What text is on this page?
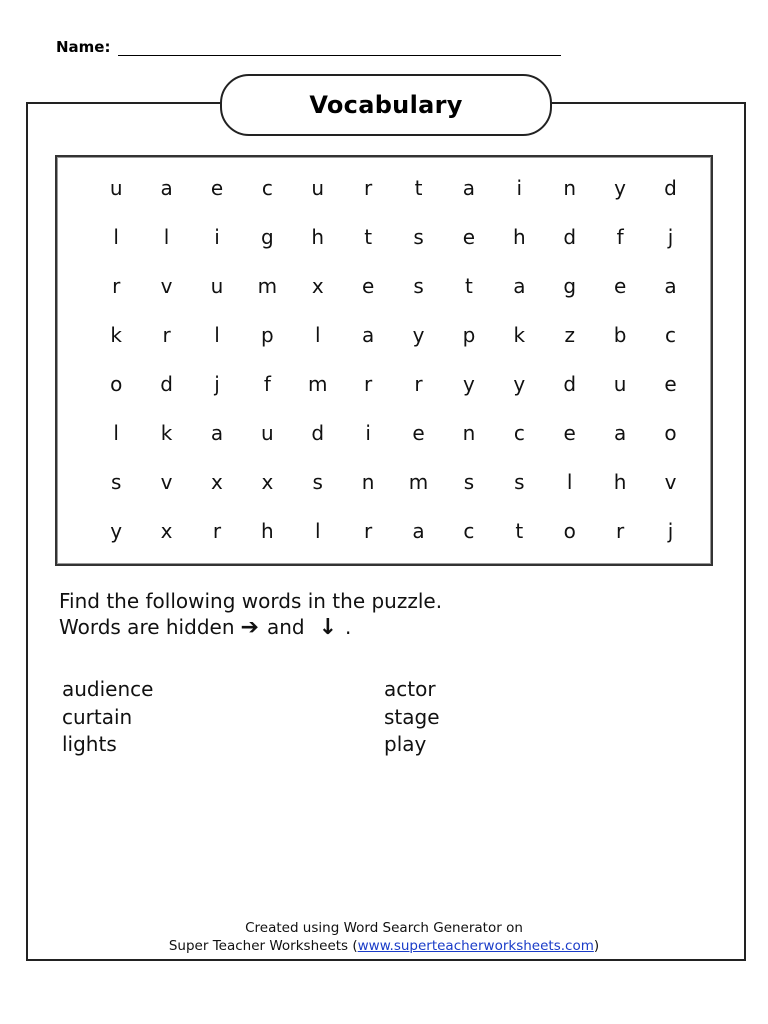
Name:
Vocabulary
u	a	e	c	u	r	t	a	i	n	y	d
l	l	i	g	h	t	s	e	h	d	f	j
r	v	u	m	x	e	s	t	a	g	e	a
k	r	l	p	l	a	y	p	k	z	b	c
o	d	j	f	m	r	r	y	y	d	u	e
l	k	a	u	d	i	e	n	c	e	a	o
s	v	x	x	s	n	m	s	s	l	h	v
y	x	r	h	l	r	a	c	t	o	r	j
Find the following words in the puzzle.
Words are hidden ➔ and ↓ .
audience
curtain
lights
actor
stage
play
Created using Word Search Generator on
Super Teacher Worksheets (www.superteacherworksheets.com)
